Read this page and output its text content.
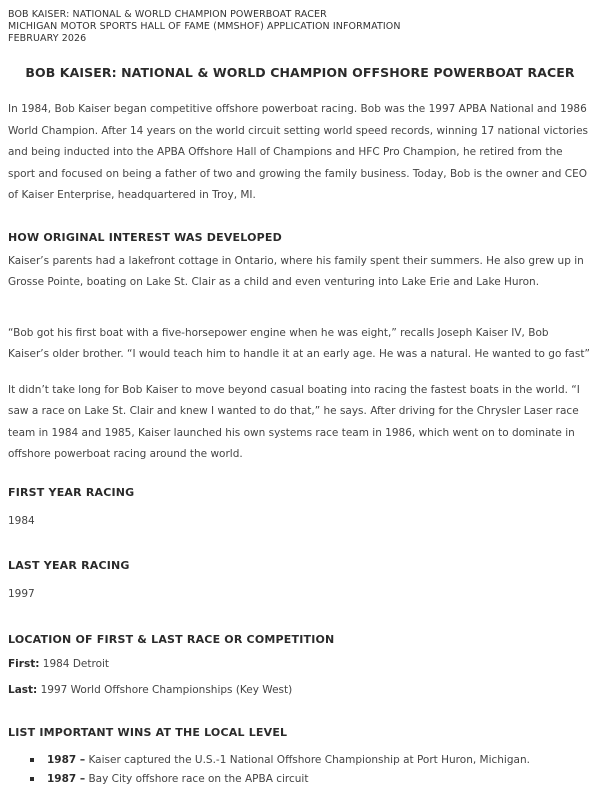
BOB KAISER: NATIONAL & WORLD CHAMPION POWERBOAT RACER
MICHIGAN MOTOR SPORTS HALL OF FAME (MMSHOF) APPLICATION INFORMATION
FEBRUARY 2026
BOB KAISER: NATIONAL & WORLD CHAMPION OFFSHORE POWERBOAT RACER

In 1984, Bob Kaiser began competitive offshore powerboat racing. Bob was the 1997 APBA National and 1986 World Champion. After 14 years on the world circuit setting world speed records, winning 17 national victories and being inducted into the APBA Offshore Hall of Champions and HFC Pro Champion, he retired from the sport and focused on being a father of two and growing the family business. Today, Bob is the owner and CEO of Kaiser Enterprise, headquartered in Troy, MI.

HOW ORIGINAL INTEREST WAS DEVELOPED

Kaiser’s parents had a lakefront cottage in Ontario, where his family spent their summers. He also grew up in Grosse Pointe, boating on Lake St. Clair as a child and even venturing into Lake Erie and Lake Huron.

“Bob got his first boat with a five-horsepower engine when he was eight,” recalls Joseph Kaiser IV, Bob Kaiser’s older brother. “I would teach him to handle it at an early age. He was a natural. He wanted to go fast”

It didn’t take long for Bob Kaiser to move beyond casual boating into racing the fastest boats in the world. “I saw a race on Lake St. Clair and knew I wanted to do that,” he says. After driving for the Chrysler Laser race team in 1984 and 1985, Kaiser launched his own systems race team in 1986, which went on to dominate in offshore powerboat racing around the world.

FIRST YEAR RACING

1984

LAST YEAR RACING

1997

LOCATION OF FIRST & LAST RACE OR COMPETITION

First: 1984 Detroit

Last: 1997 World Offshore Championships (Key West)

LIST IMPORTANT WINS AT THE LOCAL LEVEL
1987 – Kaiser captured the U.S.-1 National Offshore Championship at Port Huron, Michigan.
1987 – Bay City offshore race on the APBA circuit
